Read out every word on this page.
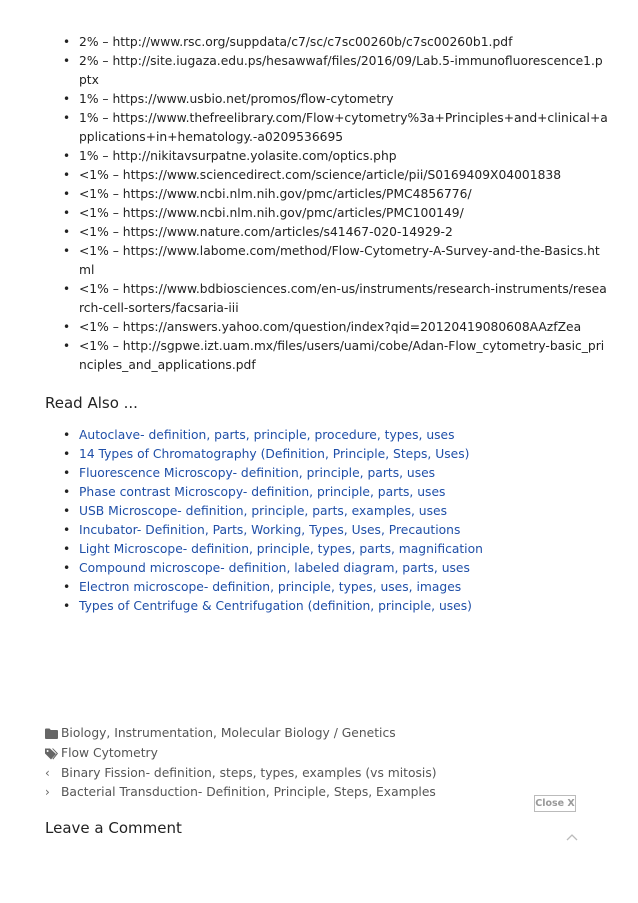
• 2% – http://www.rsc.org/suppdata/c7/sc/c7sc00260b/c7sc00260b1.pdf
• 2% – http://site.iugaza.edu.ps/hesawwaf/files/2016/09/Lab.5-immunofluorescence1.pptx
• 1% – https://www.usbio.net/promos/flow-cytometry
• 1% – https://www.thefreelibrary.com/Flow+cytometry%3a+Principles+and+clinical+applications+in+hematology.-a0209536695
• 1% – http://nikitavsurpatne.yolasite.com/optics.php
• <1% – https://www.sciencedirect.com/science/article/pii/S0169409X04001838
• <1% – https://www.ncbi.nlm.nih.gov/pmc/articles/PMC4856776/
• <1% – https://www.ncbi.nlm.nih.gov/pmc/articles/PMC100149/
• <1% – https://www.nature.com/articles/s41467-020-14929-2
• <1% – https://www.labome.com/method/Flow-Cytometry-A-Survey-and-the-Basics.html
• <1% – https://www.bdbiosciences.com/en-us/instruments/research-instruments/research-cell-sorters/facsaria-iii
• <1% – https://answers.yahoo.com/question/index?qid=20120419080608AAzfZea
• <1% – http://sgpwe.izt.uam.mx/files/users/uami/cobe/Adan-Flow_cytometry-basic_principles_and_applications.pdf
Read Also ...
• Autoclave- definition, parts, principle, procedure, types, uses
• 14 Types of Chromatography (Definition, Principle, Steps, Uses)
• Fluorescence Microscopy- definition, principle, parts, uses
• Phase contrast Microscopy- definition, principle, parts, uses
• USB Microscope- definition, principle, parts, examples, uses
• Incubator- Definition, Parts, Working, Types, Uses, Precautions
• Light Microscope- definition, principle, types, parts, magnification
• Compound microscope- definition, labeled diagram, parts, uses
• Electron microscope- definition, principle, types, uses, images
• Types of Centrifuge & Centrifugation (definition, principle, uses)
Biology , Instrumentation , Molecular Biology / Genetics
Flow Cytometry
‹ Binary Fission- definition, steps, types, examples (vs mitosis)
› Bacterial Transduction- Definition, Principle, Steps, Examples
Close X
Leave a Comment
